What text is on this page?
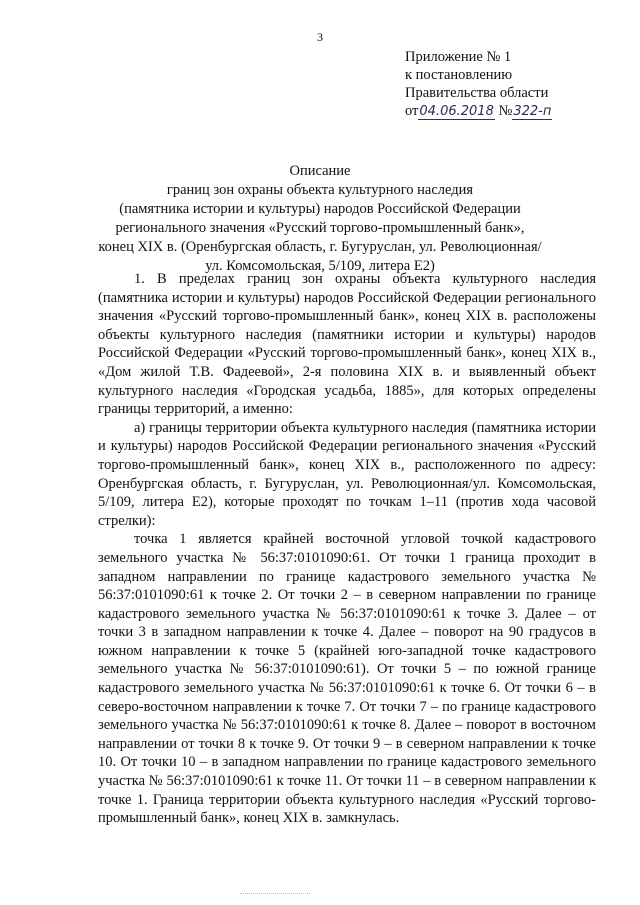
3
Приложение № 1
к постановлению
Правительства области
от04.06.2018 №322-п
Описание
границ зон охраны объекта культурного наследия
(памятника истории и культуры) народов Российской Федерации
регионального значения «Русский торгово-промышленный банк»,
конец XIX в. (Оренбургская область, г. Бугуруслан, ул. Революционная/
ул. Комсомольская, 5/109, литера Е2)

1. В пределах границ зон охраны объекта культурного наследия (памятника истории и культуры) народов Российской Федерации регионального значения «Русский торгово-промышленный банк», конец XIX в. расположены объекты культурного наследия (памятники истории и культуры) народов Российской Федерации «Русский торгово-промышленный банк», конец XIX в., «Дом жилой Т.В. Фадеевой», 2-я половина XIX в. и выявленный объект культурного наследия «Городская усадьба, 1885», для которых определены границы территорий, а именно:

а) границы территории объекта культурного наследия (памятника истории и культуры) народов Российской Федерации регионального значения «Русский торгово-промышленный банк», конец XIX в., расположенного по адресу: Оренбургская область, г. Бугуруслан, ул. Революционная/ул. Комсомольская, 5/109, литера Е2), которые проходят по точкам 1–11 (против хода часовой стрелки):

точка 1 является крайней восточной угловой точкой кадастрового земельного участка № 56:37:0101090:61. От точки 1 граница проходит в западном направлении по границе кадастрового земельного участка № 56:37:0101090:61 к точке 2. От точки 2 – в северном направлении по границе кадастрового земельного участка № 56:37:0101090:61 к точке 3. Далее – от точки 3 в западном направлении к точке 4. Далее – поворот на 90 градусов в южном направлении к точке 5 (крайней юго-западной точке кадастрового земельного участка № 56:37:0101090:61). От точки 5 – по южной границе кадастрового земельного участка № 56:37:0101090:61 к точке 6. От точки 6 – в северо-восточном направлении к точке 7. От точки 7 – по границе кадастрового земельного участка № 56:37:0101090:61 к точке 8. Далее – поворот в восточном направлении от точки 8 к точке 9. От точки 9 – в северном направлении к точке 10. От точки 10 – в западном направлении по границе кадастрового земельного участка № 56:37:0101090:61 к точке 11. От точки 11 – в северном направлении к точке 1. Граница территории объекта культурного наследия «Русский торгово-промышленный банк», конец XIX в. замкнулась.
